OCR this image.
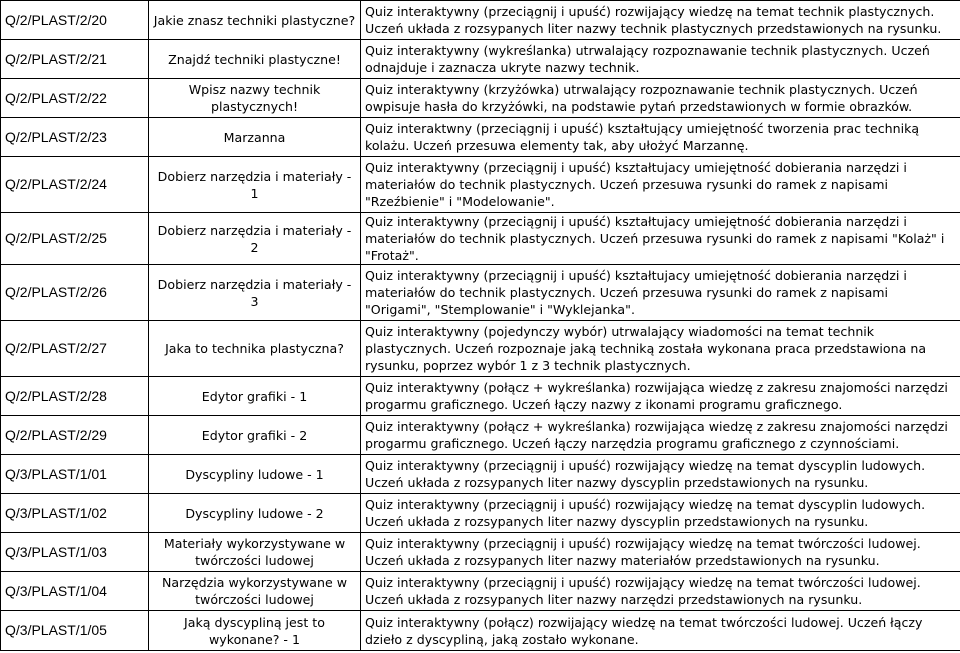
Q/2/PLAST/2/20	Jakie znasz techniki plastyczne?	Quiz interaktywny (przeciągnij i upuść) rozwijający wiedzę na temat technik plastycznych. Uczeń układa z rozsypanych liter nazwy technik plastycznych przedstawionych na rysunku.
Q/2/PLAST/2/21	Znajdź techniki plastyczne!	Quiz interaktywny (wykreślanka) utrwalający rozpoznawanie technik plastycznych. Uczeń odnajduje i zaznacza ukryte nazwy technik.
Q/2/PLAST/2/22	Wpisz nazwy technik plastycznych!	Quiz interaktywny (krzyżówka) utrwalający rozpoznawanie technik plastycznych. Uczeń owpisuje hasła do krzyżówki, na podstawie pytań przedstawionych w formie obrazków.
Q/2/PLAST/2/23	Marzanna	Quiz interaktwny (przeciągnij i upuść) kształtujący umiejętność tworzenia prac techniką kolażu. Uczeń przesuwa elementy tak, aby ułożyć Marzannę.
Q/2/PLAST/2/24	Dobierz narzędzia i materiały - 1	Quiz interaktywny (przeciągnij i upuść) kształtujacy umiejętność dobierania narzędzi i materiałów do technik plastycznych. Uczeń przesuwa rysunki do ramek z napisami "Rzeźbienie" i "Modelowanie".
Q/2/PLAST/2/25	Dobierz narzędzia i materiały - 2	Quiz interaktywny (przeciągnij i upuść) kształtujacy umiejętność dobierania narzędzi i materiałów do technik plastycznych. Uczeń przesuwa rysunki do ramek z napisami "Kolaż" i "Frotaż".
Q/2/PLAST/2/26	Dobierz narzędzia i materiały - 3	Quiz interaktywny (przeciągnij i upuść) kształtujacy umiejętność dobierania narzędzi i materiałów do technik plastycznych. Uczeń przesuwa rysunki do ramek z napisami "Origami", "Stemplowanie" i "Wyklejanka".
Q/2/PLAST/2/27	Jaka to technika plastyczna?	Quiz interaktywny (pojedynczy wybór) utrwalający wiadomości na temat technik plastycznych. Uczeń rozpoznaje jaką techniką została wykonana praca przedstawiona na rysunku, poprzez wybór 1 z 3 technik plastycznych.
Q/2/PLAST/2/28	Edytor grafiki - 1	Quiz interaktywny (połącz + wykreślanka) rozwijająca wiedzę z zakresu znajomości narzędzi progarmu graficznego. Uczeń łączy nazwy z ikonami programu graficznego.
Q/2/PLAST/2/29	Edytor grafiki - 2	Quiz interaktywny (połącz + wykreślanka) rozwijająca wiedzę z zakresu znajomości narzędzi progarmu graficznego. Uczeń łączy narzędzia programu graficznego z czynnościami.
Q/3/PLAST/1/01	Dyscypliny ludowe - 1	Quiz interaktywny (przeciągnij i upuść) rozwijający wiedzę na temat dyscyplin ludowych. Uczeń układa z rozsypanych liter nazwy dyscyplin przedstawionych na rysunku.
Q/3/PLAST/1/02	Dyscypliny ludowe - 2	Quiz interaktywny (przeciągnij i upuść) rozwijający wiedzę na temat dyscyplin ludowych. Uczeń układa z rozsypanych liter nazwy dyscyplin przedstawionych na rysunku.
Q/3/PLAST/1/03	Materiały wykorzystywane w twórczości ludowej	Quiz interaktywny (przeciągnij i upuść) rozwijający wiedzę na temat twórczości ludowej. Uczeń układa z rozsypanych liter nazwy materiałów przedstawionych na rysunku.
Q/3/PLAST/1/04	Narzędzia wykorzystywane w twórczości ludowej	Quiz interaktywny (przeciągnij i upuść) rozwijający wiedzę na temat twórczości ludowej. Uczeń układa z rozsypanych liter nazwy narzędzi przedstawionych na rysunku.
Q/3/PLAST/1/05	Jaką dyscypliną jest to wykonane? - 1	Quiz interaktywny (połącz) rozwijający wiedzę na temat twórczości ludowej. Uczeń łączy dzieło z dyscypliną, jaką zostało wykonane.
